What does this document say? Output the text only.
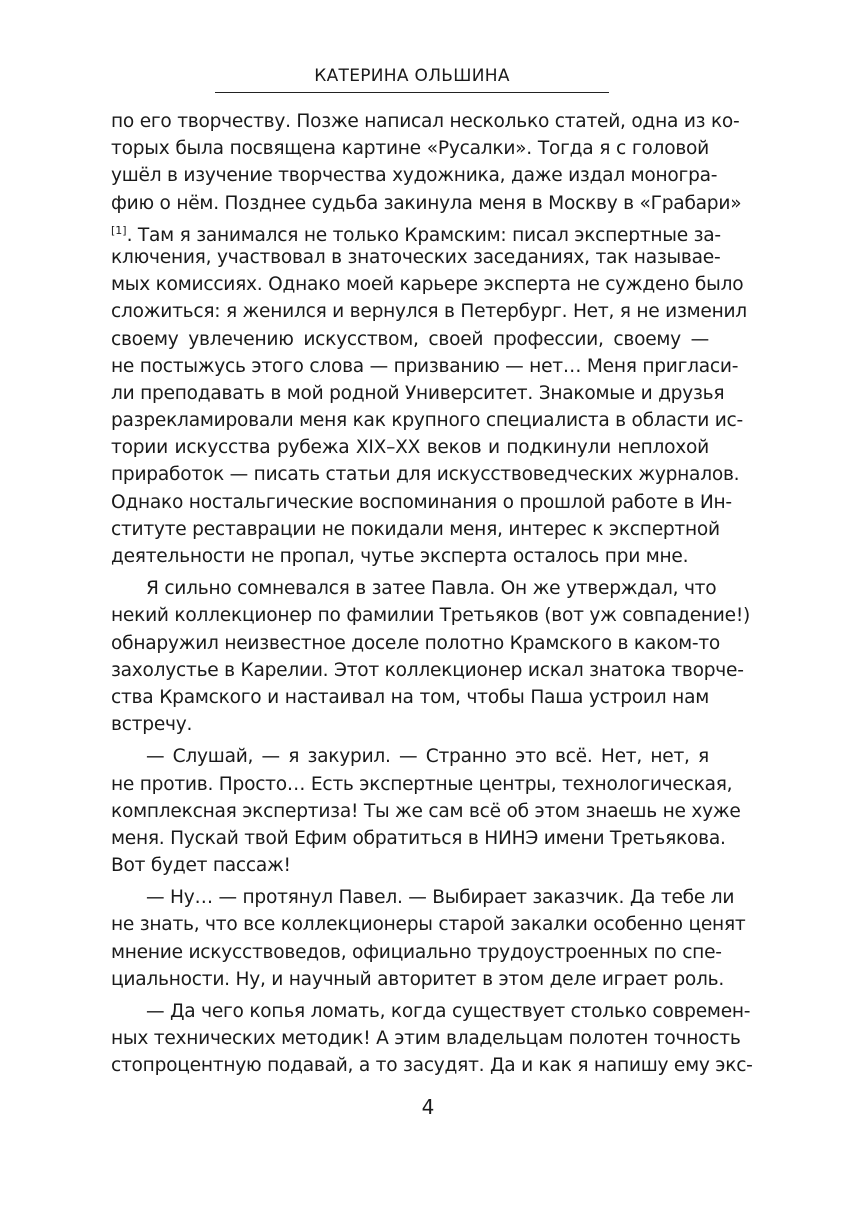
КАТЕРИНА ОЛЬШИНА
по его творчеству. Позже написал несколько статей, одна из ко-
торых была посвящена картине «Русалки». Тогда я с головой
ушёл в изучение творчества художника, даже издал моногра-
фию о нём. Позднее судьба закинула меня в Москву в «Грабари»
[1]. Там я занимался не только Крамским: писал экспертные за-
ключения, участвовал в знаточеских заседаниях, так называе-
мых комиссиях. Однако моей карьере эксперта не суждено было
сложиться: я женился и вернулся в Петербург. Нет, я не изменил
своему увлечению искусством, своей профессии, своему —
не постыжусь этого слова — призванию — нет… Меня пригласи-
ли преподавать в мой родной Университет. Знакомые и друзья
разрекламировали меня как крупного специалиста в области ис-
тории искусства рубежа XIX–XX веков и подкинули неплохой
приработок — писать статьи для искусствоведческих журналов.
Однако ностальгические воспоминания о прошлой работе в Ин-
ституте реставрации не покидали меня, интерес к экспертной
деятельности не пропал, чутье эксперта осталось при мне.
Я сильно сомневался в затее Павла. Он же утверждал, что
некий коллекционер по фамилии Третьяков (вот уж совпадение!)
обнаружил неизвестное доселе полотно Крамского в каком-то
захолустье в Карелии. Этот коллекционер искал знатока творче-
ства Крамского и настаивал на том, чтобы Паша устроил нам
встречу.
— Слушай, — я закурил. — Странно это всё. Нет, нет, я
не против. Просто… Есть экспертные центры, технологическая,
комплексная экспертиза! Ты же сам всё об этом знаешь не хуже
меня. Пускай твой Ефим обратиться в НИНЭ имени Третьякова.
Вот будет пассаж!
— Ну… — протянул Павел. — Выбирает заказчик. Да тебе ли
не знать, что все коллекционеры старой закалки особенно ценят
мнение искусствоведов, официально трудоустроенных по спе-
циальности. Ну, и научный авторитет в этом деле играет роль.
— Да чего копья ломать, когда существует столько современ-
ных технических методик! А этим владельцам полотен точность
стопроцентную подавай, а то засудят. Да и как я напишу ему экс-
4
